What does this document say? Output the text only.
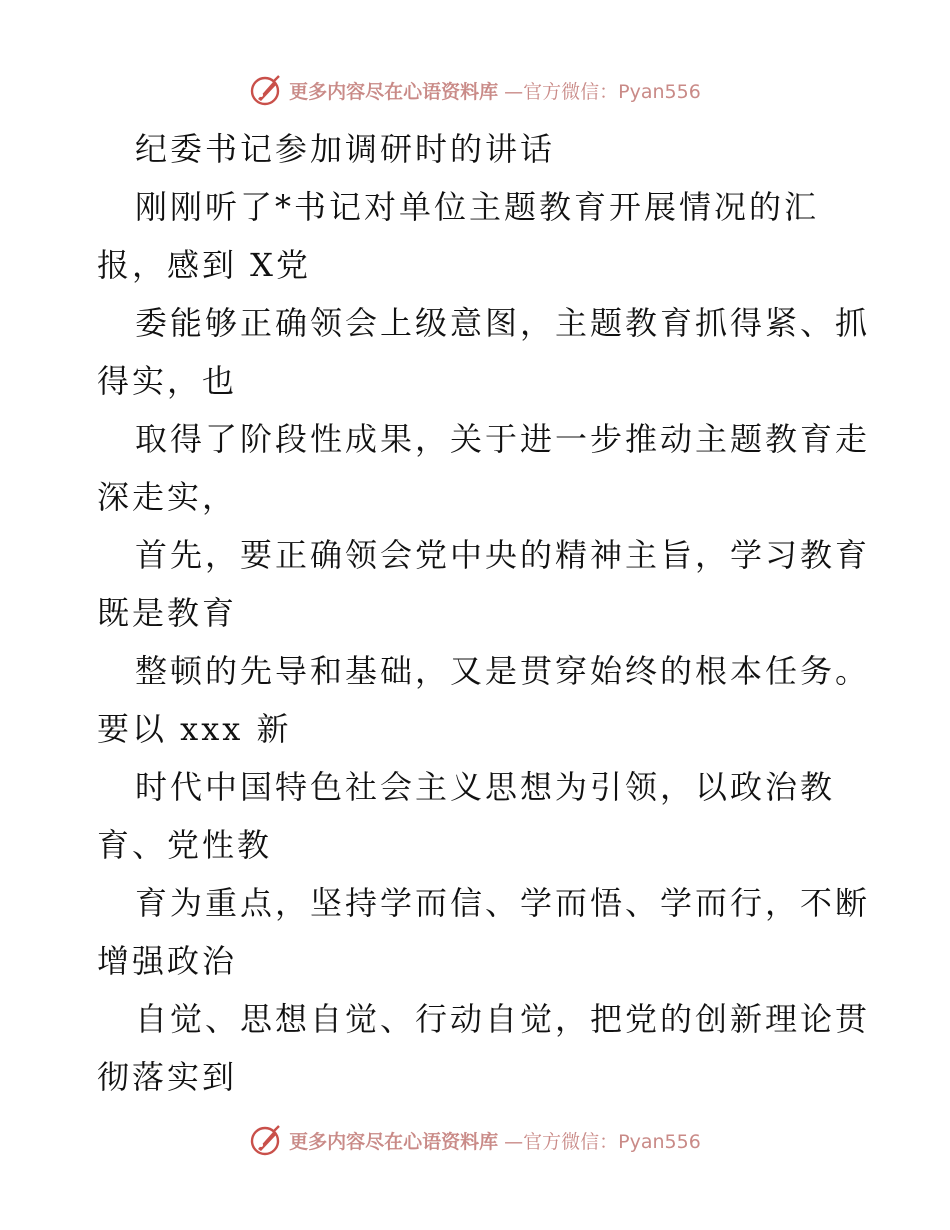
更多内容尽在心语资料库 —官方微信：Pyan556
纪委书记参加调研时的讲话
刚刚听了*书记对单位主题教育开展情况的汇
报，感到 X党
委能够正确领会上级意图，主题教育抓得紧、抓
得实，也
取得了阶段性成果，关于进一步推动主题教育走
深走实，
首先，要正确领会党中央的精神主旨，学习教育
既是教育
整顿的先导和基础，又是贯穿始终的根本任务。
要以 xxx 新
时代中国特色社会主义思想为引领，以政治教
育、党性教
育为重点，坚持学而信、学而悟、学而行，不断
增强政治
自觉、思想自觉、行动自觉，把党的创新理论贯
彻落实到
更多内容尽在心语资料库 —官方微信：Pyan556
